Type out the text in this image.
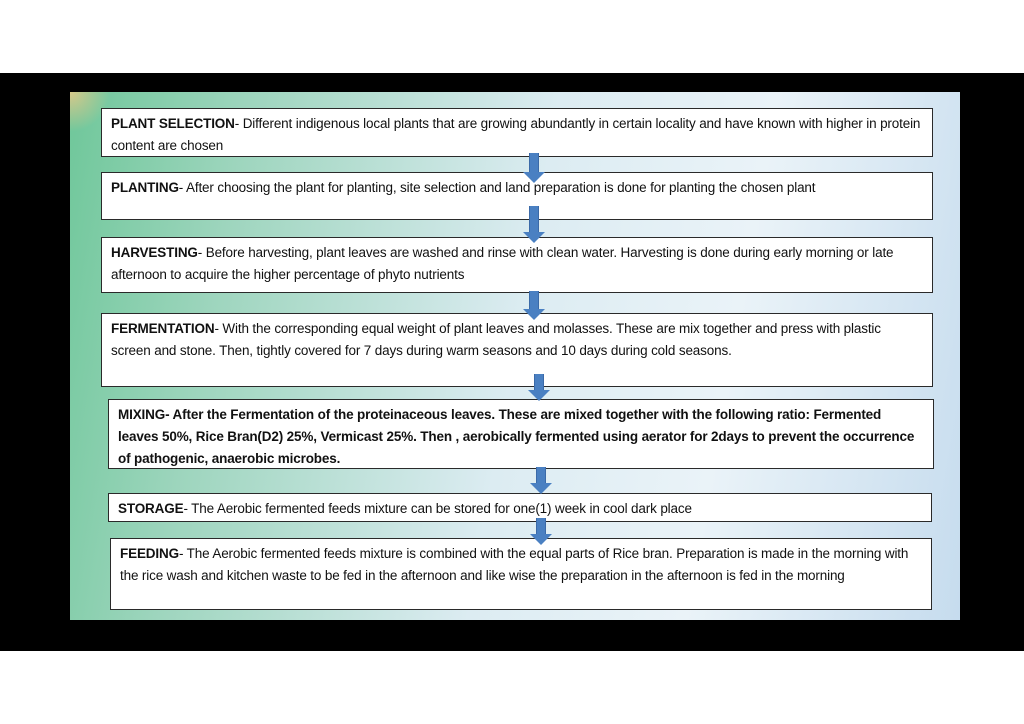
PLANT SELECTION- Different indigenous local plants that are growing abundantly in certain locality and have known with higher in protein content are chosen
PLANTING- After choosing the plant for planting, site selection and land preparation is done for planting the chosen plant
HARVESTING- Before harvesting, plant leaves are washed and rinse with clean water. Harvesting is done during early morning or late afternoon to acquire the higher percentage of phyto nutrients
FERMENTATION- With the corresponding equal weight of plant leaves and molasses. These are mix together and press with plastic screen and stone. Then, tightly covered for 7 days during warm seasons and 10 days during cold seasons.
MIXING- After the Fermentation of the proteinaceous leaves. These are mixed together with the following ratio: Fermented leaves 50%, Rice Bran(D2) 25%, Vermicast 25%. Then , aerobically fermented using aerator for 2days to prevent the occurrence of pathogenic, anaerobic microbes.
STORAGE- The Aerobic fermented feeds mixture can be stored for one(1) week in cool dark place
FEEDING- The Aerobic fermented feeds mixture is combined with the equal parts of Rice bran. Preparation is made in the morning with the rice wash and kitchen waste to be fed in the afternoon and like wise the preparation in the afternoon is fed in the morning
